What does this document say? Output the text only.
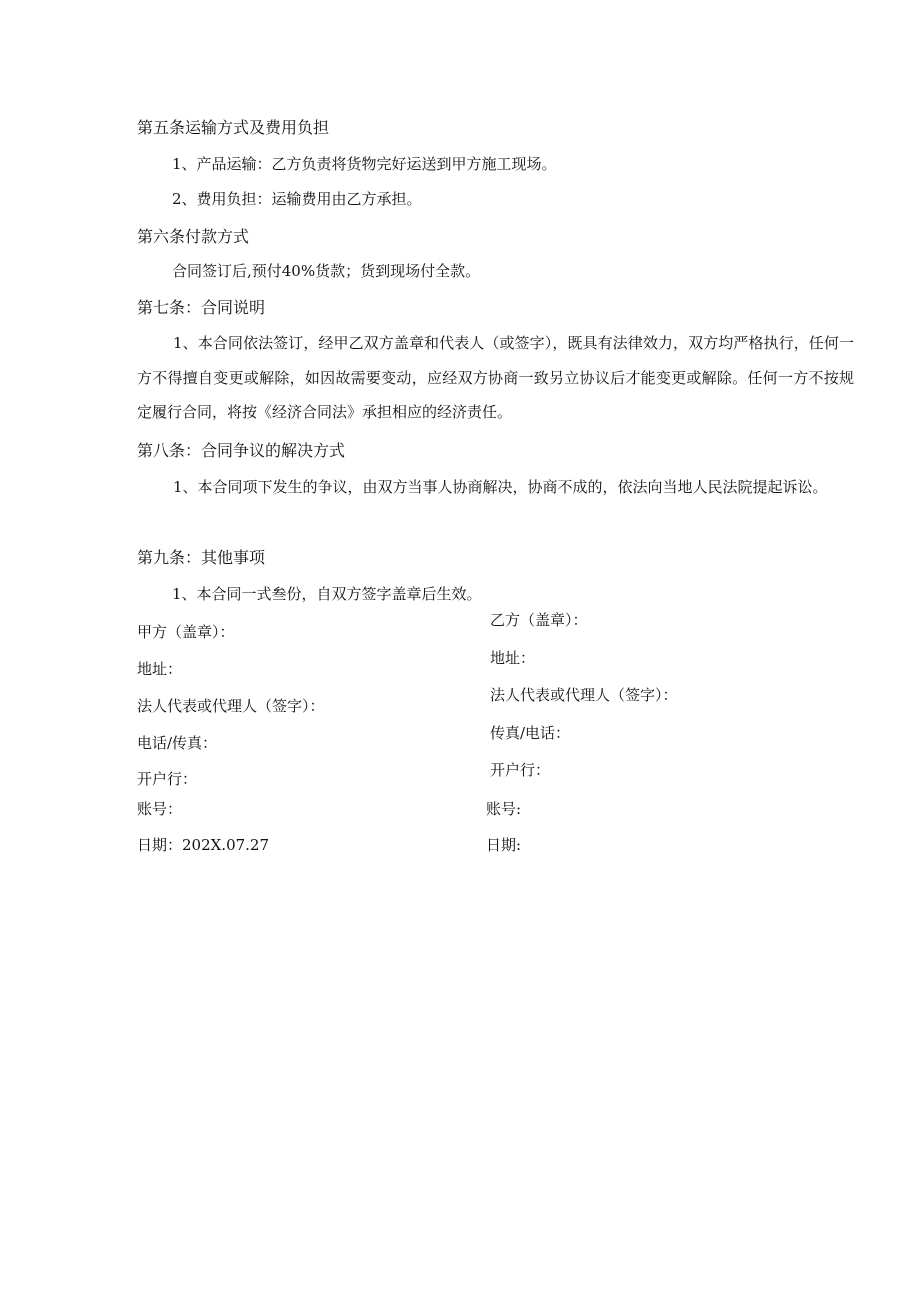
第五条运输方式及费用负担
1、产品运输：乙方负责将货物完好运送到甲方施工现场。
2、费用负担：运输费用由乙方承担。
第六条付款方式
合同签订后,预付40%货款；货到现场付全款。
第七条：合同说明
1、本合同依法签订，经甲乙双方盖章和代表人（或签字），既具有法律效力，双方均严格执行，任何一方不得擅自变更或解除，如因故需要变动，应经双方协商一致另立协议后才能变更或解除。任何一方不按规定履行合同，将按《经济合同法》承担相应的经济责任。
第八条：合同争议的解决方式
1、本合同项下发生的争议，由双方当事人协商解决，协商不成的，依法向当地人民法院提起诉讼。
第九条：其他事项
1、本合同一式叁份，自双方签字盖章后生效。
甲方（盖章）：
地址：
法人代表或代理人（签字）：
电话/传真：
开户行：
账号：
日期：202X.07.27
乙方（盖章）：
地址：
法人代表或代理人（签字）：
传真/电话：
开户行：
账号:
日期:
